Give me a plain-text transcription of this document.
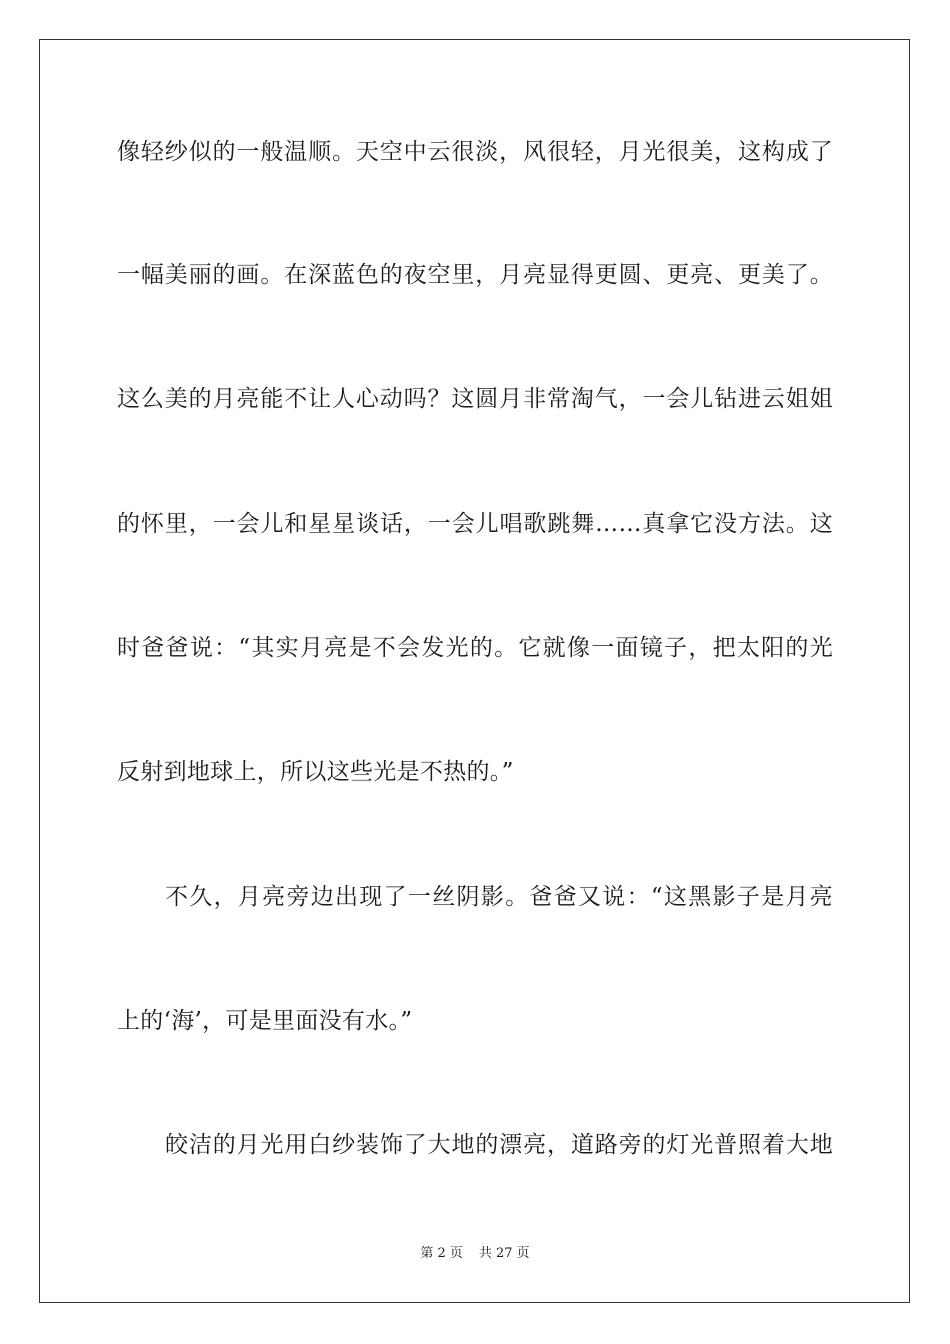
像轻纱似的一般温顺。天空中云很淡，风很轻，月光很美，这构成了
一幅美丽的画。在深蓝色的夜空里，月亮显得更圆、更亮、更美了。
这么美的月亮能不让人心动吗？这圆月非常淘气，一会儿钻进云姐姐
的怀里，一会儿和星星谈话，一会儿唱歌跳舞……真拿它没方法。这
时爸爸说：“其实月亮是不会发光的。它就像一面镜子，把太阳的光
反射到地球上，所以这些光是不热的。”
不久，月亮旁边出现了一丝阴影。爸爸又说：“这黑影子是月亮
上的‘海’，可是里面没有水。”
皎洁的月光用白纱装饰了大地的漂亮，道路旁的灯光普照着大地
第 2 页 共 27 页
